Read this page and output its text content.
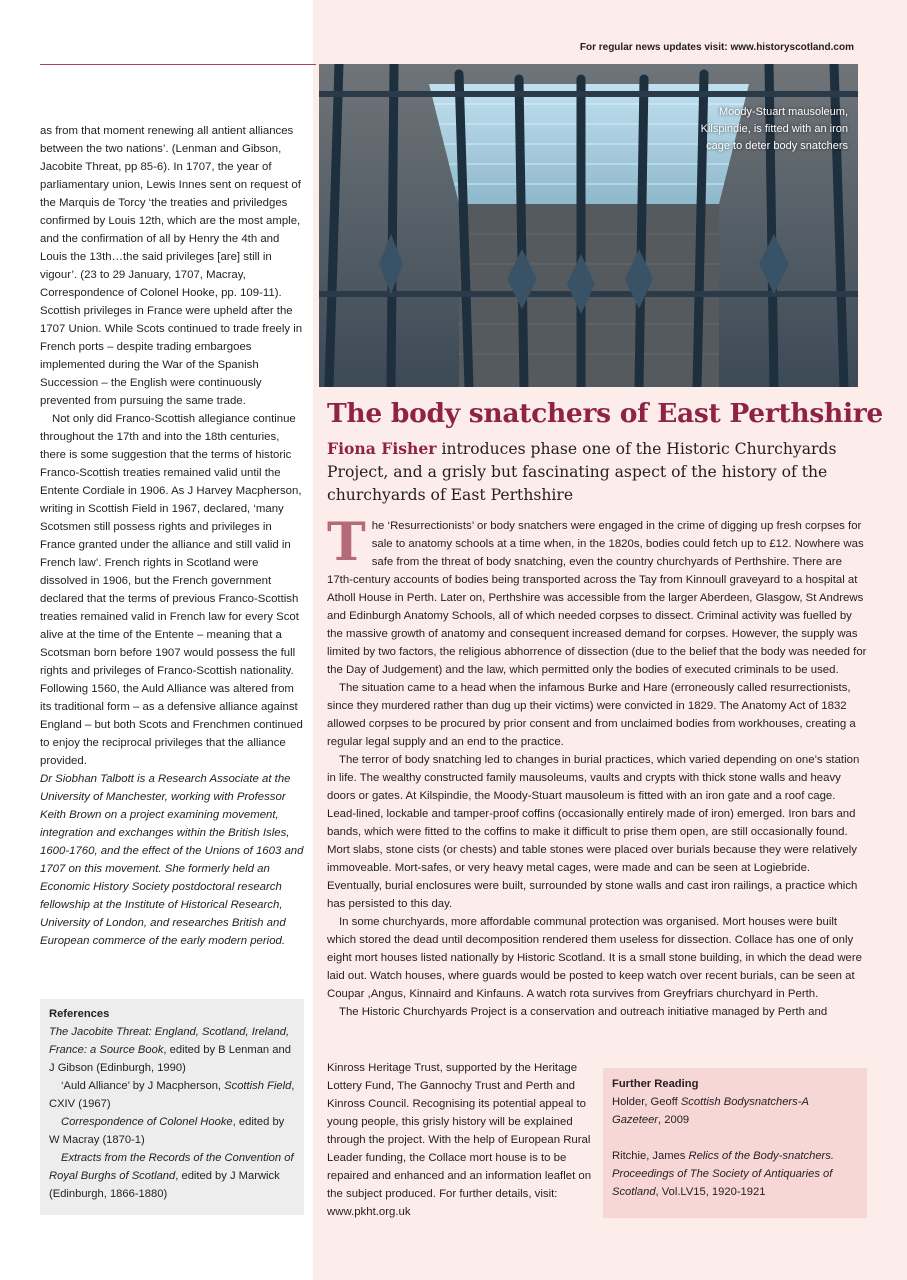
For regular news updates visit: www.historyscotland.com

as from that moment renewing all antient alliances between the two nations’. (Lenman and Gibson, Jacobite Threat, pp 85-6). In 1707, the year of parliamentary union, Lewis Innes sent on request of the Marquis de Torcy ‘the treaties and priviledges confirmed by Louis 12th, which are the most ample, and the confirmation of all by Henry the 4th and Louis the 13th…the said privileges [are] still in vigour’. (23 to 29 January, 1707, Macray, Correspondence of Colonel Hooke, pp. 109-11). Scottish privileges in France were upheld after the 1707 Union. While Scots continued to trade freely in French ports – despite trading embargoes implemented during the War of the Spanish Succession – the English were continuously prevented from pursuing the same trade.

Not only did Franco-Scottish allegiance continue throughout the 17th and into the 18th centuries, there is some suggestion that the terms of historic Franco-Scottish treaties remained valid until the Entente Cordiale in 1906. As J Harvey Macpherson, writing in Scottish Field in 1967, declared, ‘many Scotsmen still possess rights and privileges in France granted under the alliance and still valid in French law’. French rights in Scotland were dissolved in 1906, but the French government declared that the terms of previous Franco-Scottish treaties remained valid in French law for every Scot alive at the time of the Entente – meaning that a Scotsman born before 1907 would possess the full rights and privileges of Franco-Scottish nationality. Following 1560, the Auld Alliance was altered from its traditional form – as a defensive alliance against England – but both Scots and Frenchmen continued to enjoy the reciprocal privileges that the alliance provided.

Dr Siobhan Talbott is a Research Associate at the University of Manchester, working with Professor Keith Brown on a project examining movement, integration and exchanges within the British Isles, 1600-1760, and the effect of the Unions of 1603 and 1707 on this movement. She formerly held an Economic History Society postdoctoral research fellowship at the Institute of Historical Research, University of London, and researches British and European commerce of the early modern period.

References

The Jacobite Threat: England, Scotland, Ireland, France: a Source Book, edited by B Lenman and J Gibson (Edinburgh, 1990)

‘Auld Alliance’ by J Macpherson, Scottish Field, CXIV (1967)

Correspondence of Colonel Hooke, edited by W Macray (1870-1)

Extracts from the Records of the Convention of Royal Burghs of Scotland, edited by J Marwick (Edinburgh, 1866-1880)

Moody-Stuart mausoleum, Kilspindie, is fitted with an iron cage to deter body snatchers
The body snatchers of East Perthshire

Fiona Fisher introduces phase one of the Historic Churchyards Project, and a grisly but fascinating aspect of the history of the churchyards of East Perthshire

The ‘Resurrectionists’ or body snatchers were engaged in the crime of digging up fresh corpses for sale to anatomy schools at a time when, in the 1820s, bodies could fetch up to £12. Nowhere was safe from the threat of body snatching, even the country churchyards of Perthshire. There are 17th-century accounts of bodies being transported across the Tay from Kinnoull graveyard to a hospital at Atholl House in Perth. Later on, Perthshire was accessible from the larger Aberdeen, Glasgow, St Andrews and Edinburgh Anatomy Schools, all of which needed corpses to dissect. Criminal activity was fuelled by the massive growth of anatomy and consequent increased demand for corpses. However, the supply was limited by two factors, the religious abhorrence of dissection (due to the belief that the body was needed for the Day of Judgement) and the law, which permitted only the bodies of executed criminals to be used.

The situation came to a head when the infamous Burke and Hare (erroneously called resurrectionists, since they murdered rather than dug up their victims) were convicted in 1829. The Anatomy Act of 1832 allowed corpses to be procured by prior consent and from unclaimed bodies from workhouses, creating a regular legal supply and an end to the practice.

The terror of body snatching led to changes in burial practices, which varied depending on one’s station in life. The wealthy constructed family mausoleums, vaults and crypts with thick stone walls and heavy doors or gates. At Kilspindie, the Moody-Stuart mausoleum is fitted with an iron gate and a roof cage. Lead-lined, lockable and tamper-proof coffins (occasionally entirely made of iron) emerged. Iron bars and bands, which were fitted to the coffins to make it difficult to prise them open, are still occasionally found. Mort slabs, stone cists (or chests) and table stones were placed over burials because they were relatively immoveable. Mort-safes, or very heavy metal cages, were made and can be seen at Logiebride. Eventually, burial enclosures were built, surrounded by stone walls and cast iron railings, a practice which has persisted to this day.

In some churchyards, more affordable communal protection was organised. Mort houses were built which stored the dead until decomposition rendered them useless for dissection. Collace has one of only eight mort houses listed nationally by Historic Scotland. It is a small stone building, in which the dead were laid out. Watch houses, where guards would be posted to keep watch over recent burials, can be seen at Coupar ,Angus, Kinnaird and Kinfauns. A watch rota survives from Greyfriars churchyard in Perth.

The Historic Churchyards Project is a conservation and outreach initiative managed by Perth and

Kinross Heritage Trust, supported by the Heritage Lottery Fund, The Gannochy Trust and Perth and Kinross Council. Recognising its potential appeal to young people, this grisly history will be explained through the project. With the help of European Rural Leader funding, the Collace mort house is to be repaired and enhanced and an information leaflet on the subject produced. For further details, visit: www.pkht.org.uk

Further Reading

Holder, Geoff Scottish Bodysnatchers-A Gazeteer, 2009

Ritchie, James Relics of the Body-snatchers. Proceedings of The Society of Antiquaries of Scotland, Vol.LV15, 1920-1921
